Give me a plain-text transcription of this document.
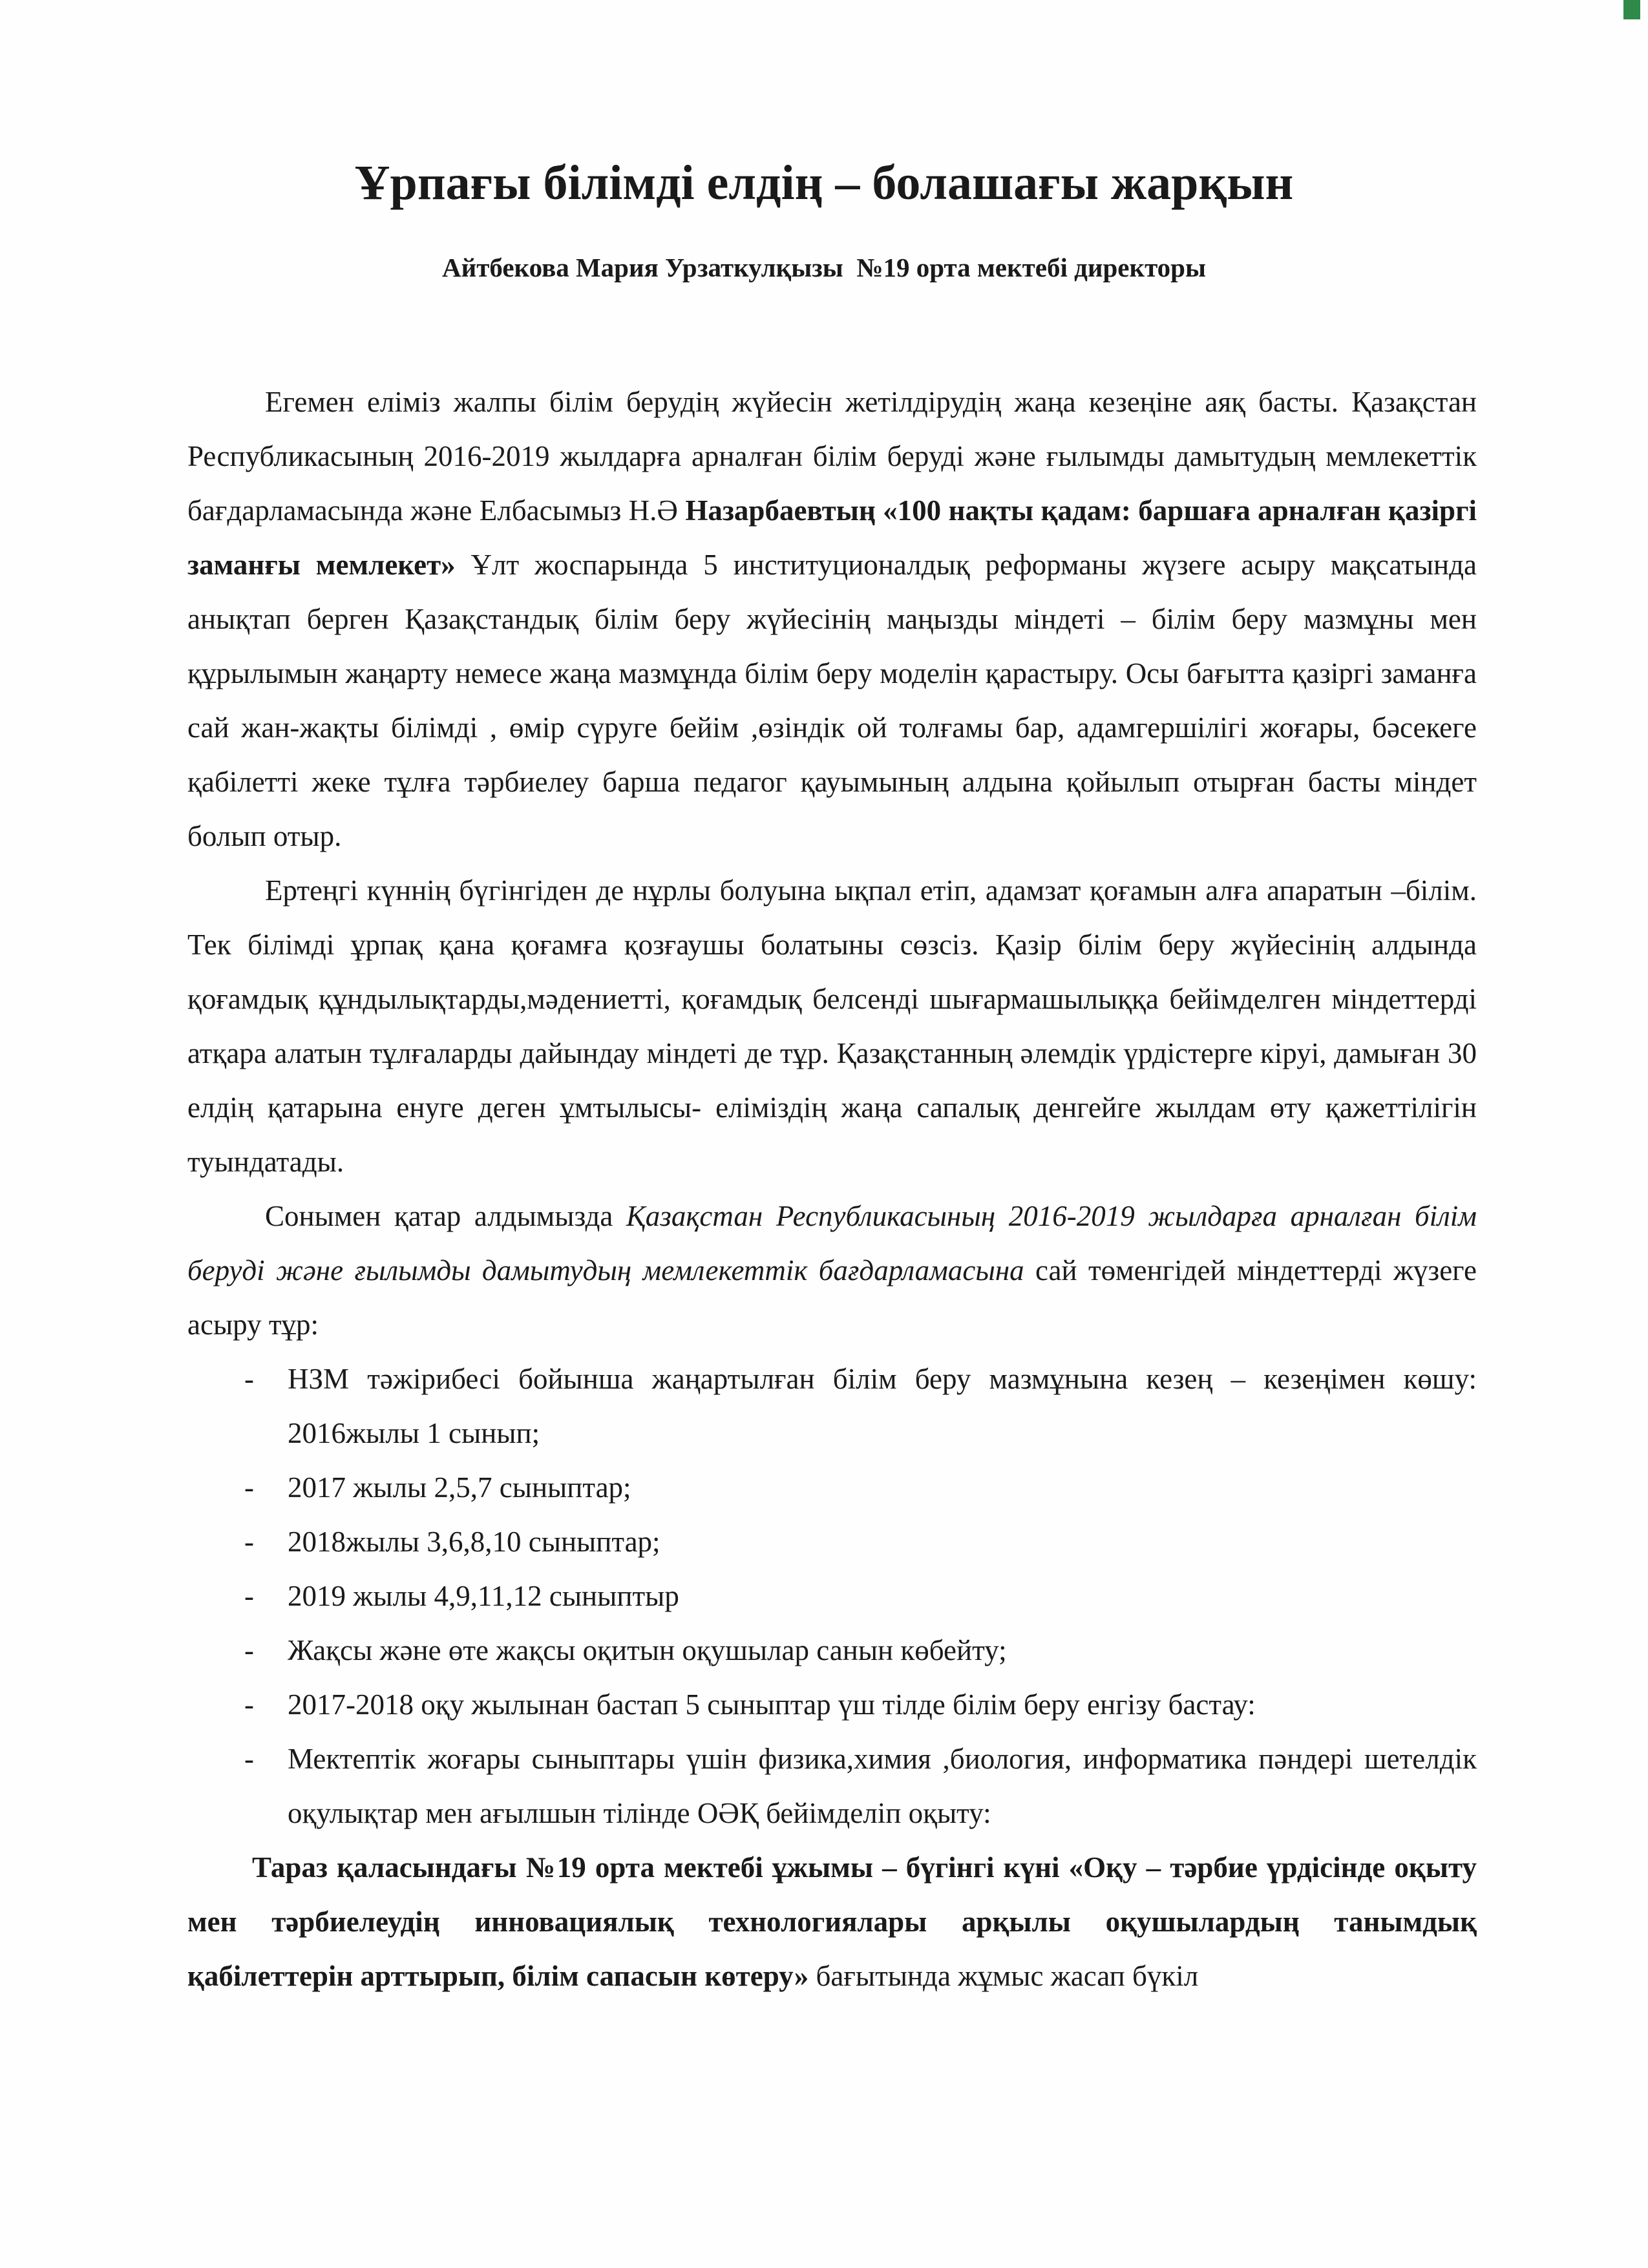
Ұрпағы білімді елдің – болашағы жарқын
Айтбекова Мария Урзаткулқызы  №19 орта мектебі директоры

Егемен еліміз жалпы білім берудің жүйесін жетілдірудің жаңа кезеңіне аяқ басты. Қазақстан Республикасының 2016-2019 жылдарға арналған білім беруді және ғылымды дамытудың мемлекеттік бағдарламасында және Елбасымыз Н.Ә Назарбаевтың «100 нақты қадам: баршаға арналған қазіргі заманғы мемлекет» Ұлт жоспарында 5 институционалдық реформаны жүзеге асыру мақсатында анықтап берген Қазақстандық білім беру жүйесінің маңызды міндеті – білім беру мазмұны мен құрылымын жаңарту немесе жаңа мазмұнда білім беру моделін қарастыру. Осы бағытта қазіргі заманға сай жан-жақты білімді , өмір сүруге бейім ,өзіндік ой толғамы бар, адамгершілігі жоғары, бәсекеге қабілетті жеке тұлға тәрбиелеу барша педагог қауымының алдына қойылып отырған басты міндет болып отыр.

Ертеңгі күннің бүгінгіден де нұрлы болуына ықпал етіп, адамзат қоғамын алға апаратын –білім. Тек білімді ұрпақ қана қоғамға қозғаушы болатыны сөзсіз. Қазір білім беру жүйесінің алдында қоғамдық құндылықтарды,мәдениетті, қоғамдық белсенді шығармашылыққа бейімделген міндеттерді атқара алатын тұлғаларды дайындау міндеті де тұр. Қазақстанның әлемдік үрдістерге кіруі, дамыған 30 елдің қатарына енуге деген ұмтылысы- еліміздің жаңа сапалық денгейге жылдам өту қажеттілігін туындатады.

Сонымен қатар алдымызда Қазақстан Республикасының 2016-2019 жылдарға арналған білім беруді және ғылымды дамытудың мемлекеттік бағдарламасына сай төменгідей міндеттерді жүзеге асыру тұр:

- НЗМ тәжірибесі бойынша жаңартылған білім беру мазмұнына кезең – кезеңімен көшу: 2016жылы 1 сынып;
- 2017 жылы 2,5,7 сыныптар;
- 2018жылы 3,6,8,10 сыныптар;
- 2019 жылы 4,9,11,12 сыныптыр
- Жақсы және өте жақсы оқитын оқушылар санын көбейту;
- 2017-2018 оқу жылынан бастап 5 сыныптар үш тілде білім беру енгізу бастау:
- Мектептік жоғары сыныптары үшін физика,химия ,биология, информатика пәндері шетелдік оқулықтар мен ағылшын тілінде ОӘҚ бейімделіп оқыту:

Тараз қаласындағы №19 орта мектебі ұжымы – бүгінгі күні «Оқу – тәрбие үрдісінде оқыту мен тәрбиелеудің инновациялық технологиялары арқылы оқушылардың танымдық қабілеттерін арттырып, білім сапасын көтеру» бағытында жұмыс жасап бүкіл
